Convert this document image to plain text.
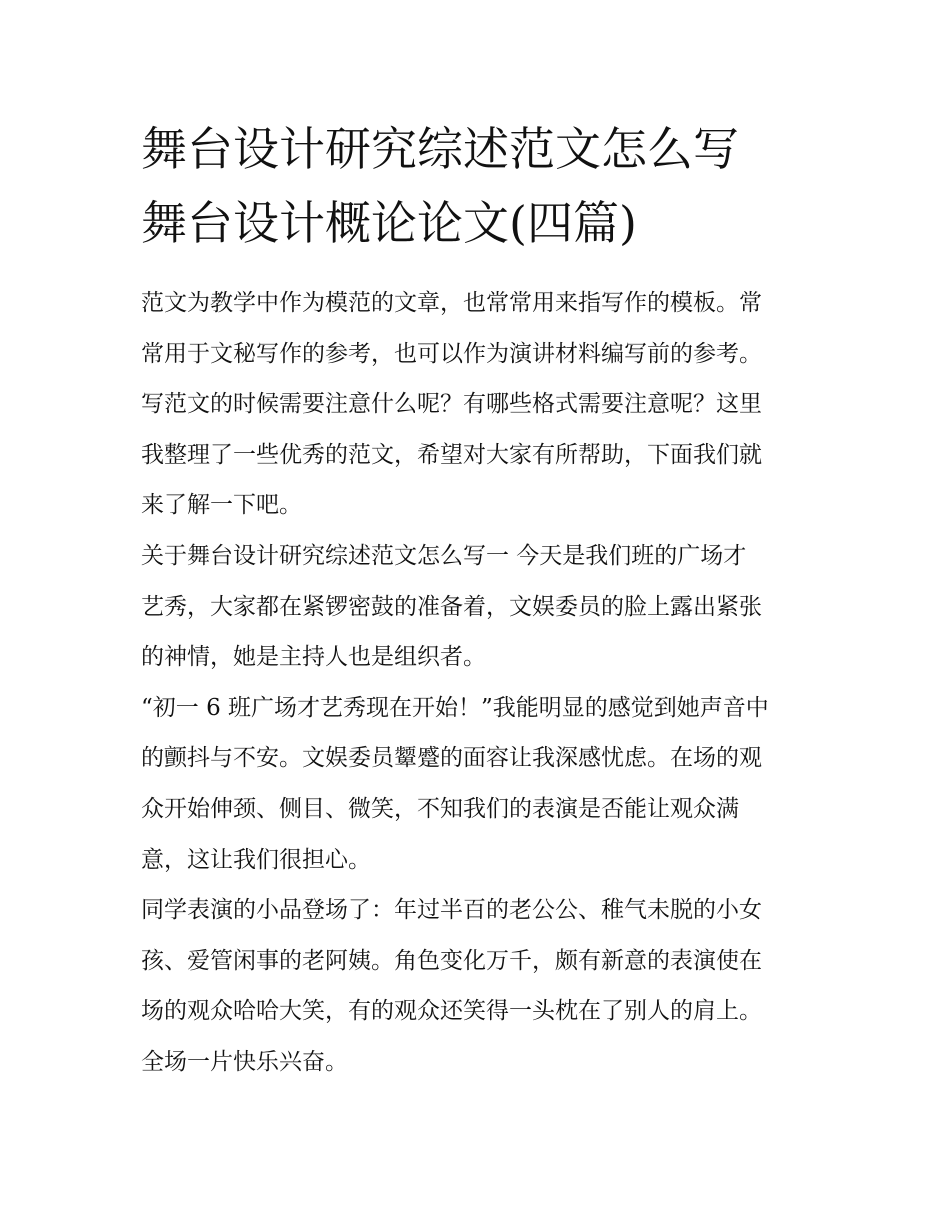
舞台设计研究综述范文怎么写
舞台设计概论论文(四篇)

范文为教学中作为模范的文章，也常常用来指写作的模板。常
常用于文秘写作的参考，也可以作为演讲材料编写前的参考。
写范文的时候需要注意什么呢？有哪些格式需要注意呢？这里
我整理了一些优秀的范文，希望对大家有所帮助，下面我们就
来了解一下吧。

关于舞台设计研究综述范文怎么写一 今天是我们班的广场才
艺秀，大家都在紧锣密鼓的准备着，文娱委员的脸上露出紧张
的神情，她是主持人也是组织者。

“初一 6 班广场才艺秀现在开始！”我能明显的感觉到她声音中
的颤抖与不安。文娱委员颦蹙的面容让我深感忧虑。在场的观
众开始伸颈、侧目、微笑，不知我们的表演是否能让观众满
意，这让我们很担心。

同学表演的小品登场了：年过半百的老公公、稚气未脱的小女
孩、爱管闲事的老阿姨。角色变化万千，颇有新意的表演使在
场的观众哈哈大笑，有的观众还笑得一头枕在了别人的肩上。
全场一片快乐兴奋。
